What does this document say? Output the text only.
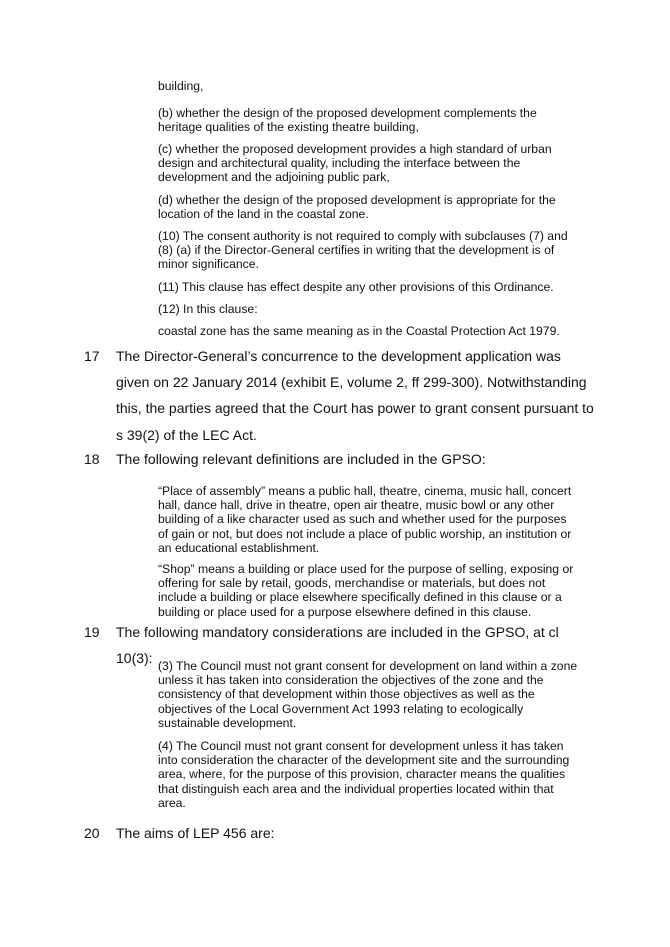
building,

(b) whether the design of the proposed development complements the heritage qualities of the existing theatre building,

(c) whether the proposed development provides a high standard of urban design and architectural quality, including the interface between the development and the adjoining public park,

(d) whether the design of the proposed development is appropriate for the location of the land in the coastal zone.

(10) The consent authority is not required to comply with subclauses (7) and (8) (a) if the Director-General certifies in writing that the development is of minor significance.

(11) This clause has effect despite any other provisions of this Ordinance.

(12) In this clause:

coastal zone has the same meaning as in the Coastal Protection Act 1979.

17 The Director-General’s concurrence to the development application was given on 22 January 2014 (exhibit E, volume 2, ff 299-300). Notwithstanding this, the parties agreed that the Court has power to grant consent pursuant to s 39(2) of the LEC Act.

18 The following relevant definitions are included in the GPSO:

“Place of assembly” means a public hall, theatre, cinema, music hall, concert hall, dance hall, drive in theatre, open air theatre, music bowl or any other building of a like character used as such and whether used for the purposes of gain or not, but does not include a place of public worship, an institution or an educational establishment.

“Shop” means a building or place used for the purpose of selling, exposing or offering for sale by retail, goods, merchandise or materials, but does not include a building or place elsewhere specifically defined in this clause or a building or place used for a purpose elsewhere defined in this clause.

19 The following mandatory considerations are included in the GPSO, at cl 10(3): (3) The Council must not grant consent for development on land within a zone unless it has taken into consideration the objectives of the zone and the consistency of that development within those objectives as well as the objectives of the Local Government Act 1993 relating to ecologically sustainable development.

(4) The Council must not grant consent for development unless it has taken into consideration the character of the development site and the surrounding area, where, for the purpose of this provision, character means the qualities that distinguish each area and the individual properties located within that area.

20 The aims of LEP 456 are:
